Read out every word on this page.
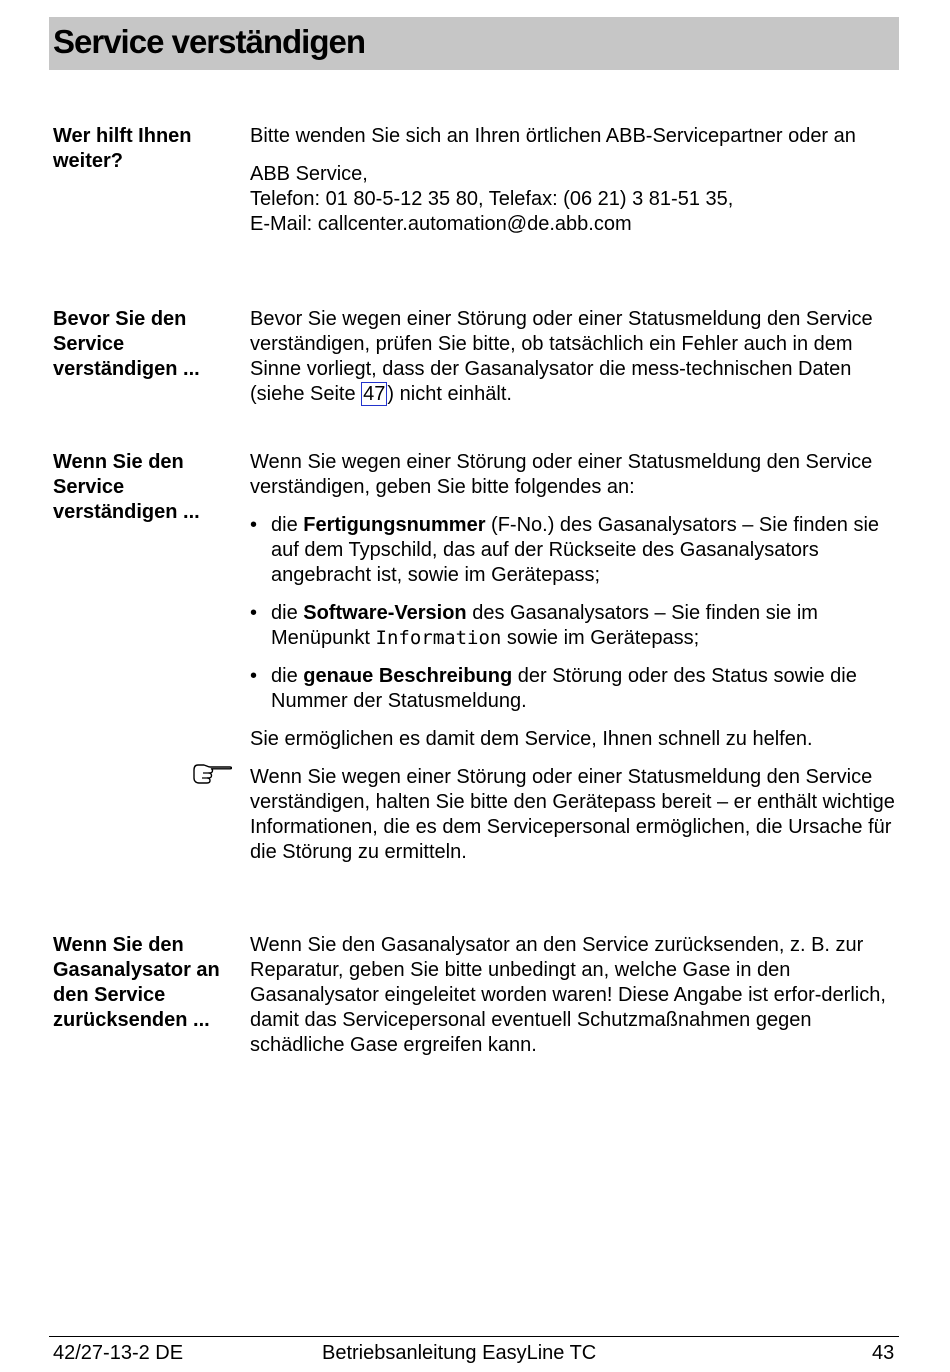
Service verständigen
Wer hilft Ihnen weiter?

Bitte wenden Sie sich an Ihren örtlichen ABB-Servicepartner oder an

ABB Service,
Telefon: 01 80-5-12 35 80, Telefax: (06 21) 3 81-51 35,
E-Mail: callcenter.automation@de.abb.com

Bevor Sie den Service verständigen ...

Bevor Sie wegen einer Störung oder einer Statusmeldung den Service verständigen, prüfen Sie bitte, ob tatsächlich ein Fehler auch in dem Sinne vorliegt, dass der Gasanalysator die mess-technischen Daten (siehe Seite 47 ) nicht einhält.

Wenn Sie den Service verständigen ...

Wenn Sie wegen einer Störung oder einer Statusmeldung den Service verständigen, geben Sie bitte folgendes an:

• die Fertigungsnummer (F-No.) des Gasanalysators – Sie finden sie auf dem Typschild, das auf der Rückseite des Gasanalysators angebracht ist, sowie im Gerätepass;
• die Software-Version des Gasanalysators – Sie finden sie im Menüpunkt Information sowie im Gerätepass;
• die genaue Beschreibung der Störung oder des Status sowie die Nummer der Statusmeldung.

Sie ermöglichen es damit dem Service, Ihnen schnell zu helfen.

Wenn Sie wegen einer Störung oder einer Statusmeldung den Service verständigen, halten Sie bitte den Gerätepass bereit – er enthält wichtige Informationen, die es dem Servicepersonal ermöglichen, die Ursache für die Störung zu ermitteln.

Wenn Sie den Gasanalysator an den Service zurücksenden ...

Wenn Sie den Gasanalysator an den Service zurücksenden, z. B. zur Reparatur, geben Sie bitte unbedingt an, welche Gase in den Gasanalysator eingeleitet worden waren! Diese Angabe ist erfor-derlich, damit das Servicepersonal eventuell Schutzmaßnahmen gegen schädliche Gase ergreifen kann.

42/27-13-2 DE	Betriebsanleitung EasyLine TC	43
